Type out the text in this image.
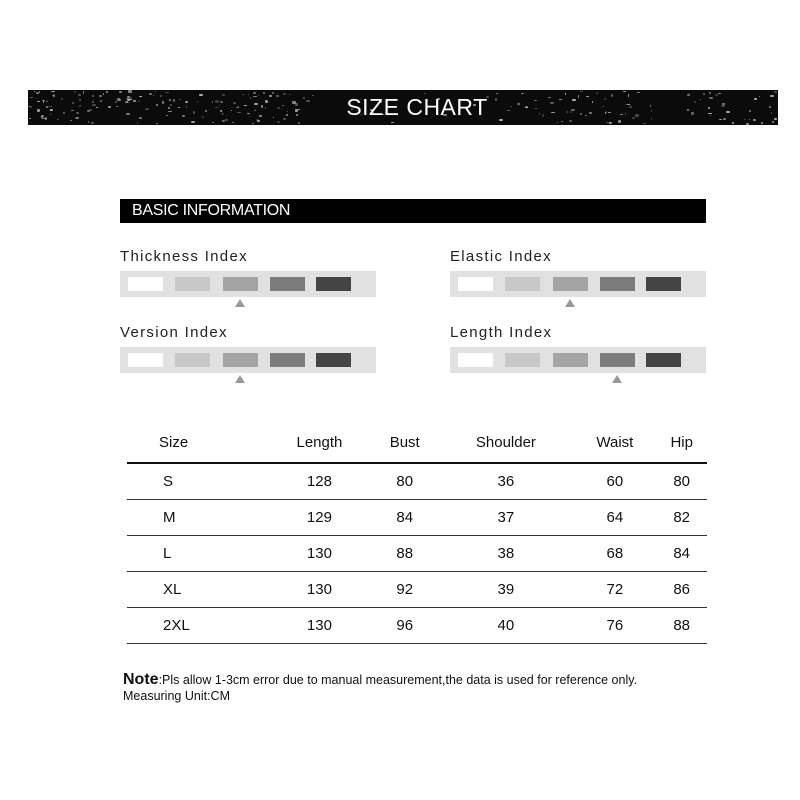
SIZE CHART
BASIC INFORMATION
Thickness Index	Elastic Index
Version Index	Length Index
Size	Length	Bust	Shoulder	Waist	Hip
S	128	80	36	60	80
M	129	84	37	64	82
L	130	88	38	68	84
XL	130	92	39	72	86
2XL	130	96	40	76	88
Note:Pls allow 1-3cm error due to manual measurement,the data is used for reference only.
Measuring Unit:CM
